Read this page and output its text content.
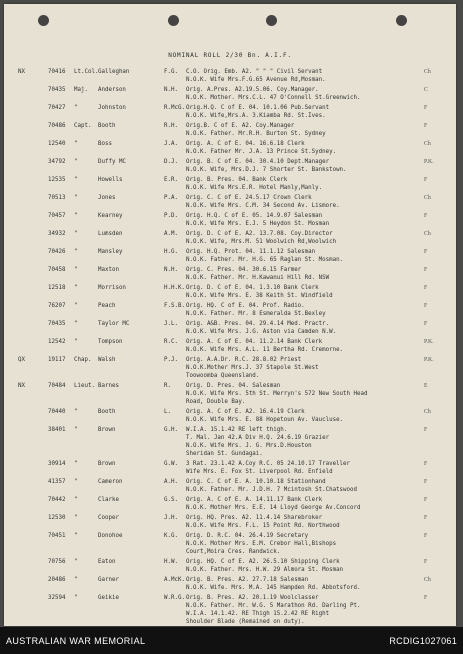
NOMINAL ROLL 2/30 Bn. A.I.F.
NX	70416 Lt.Col. Galleghan	F.G.	Ch
C.O. Orig. Emb. A2. " " " Civil Servant
N.O.K. Wife Mrs.F.G.65 Avenue Rd,Mosman.
70435 Maj. Anderson	N.H.	C
Orig. A.Pres. A2.19.5.06. Coy.Manager.
N.O.K. Mother. Mrs.C.L. 47 O'Connell St.Greenwich.
70427 "	Johnston	R.McG.	F
Orig.H.Q. C of E. 04. 10.1.06 Pub.Servant
N.O.K. Wife,Mrs.A. 3.Kiamba Rd. St.Ives.
70486 Capt. Booth	R.H.	F
Orig.B. C of E. A2. Coy.Manager
N.O.K. Father. Mr.R.H. Burton St. Sydney
12540 "	Boss	J.A.	Ch
Orig. A. C of E. 04. 16.6.18 Clerk
N.O.K. Father Mr. J.A. 13 Prince St.Sydney.
34792 "	Duffy MC	D.J.	P.K.
Orig. B. C of E. 04. 30.4.10 Dept.Manager
N.O.K. Wife, Mrs.D.J. 7 Shorter St. Bankstown.
12535 "	Howells	E.R.	F
Orig. B. Pres. 04. Bank Clerk
N.O.K. Wife Mrs.E.R. Hotel Manly,Manly.
70513 "	Jones	P.A.	Ch
Orig. C. C of E. 24.5.17 Crown Clerk
N.O.K. Wife Mrs. C.M. 34 Second Av. Lismore.
70457 "	Kearney	P.D.	F
Orig. H.Q. C of E. 05. 14.9.07 Salesman
N.O.K. Wife Mrs. E.J. 5 Heydon St. Mosman
34932 "	Lumsden	A.M.	Ch
Orig. D. C of E. A2. 13.7.08. Coy.Director
N.O.K. Wife, Mrs.M. 51 Woolwich Rd,Woolwich
70426 "	Mansley	H.G.	F
Orig. H.Q. Prot. 04. 11.1.12 Salesman
N.O.K. Father. Mr. H.G. 65 Raglan St. Mosman.
70458 "	Maxton	N.H.	F
Orig. C. Pres. 04. 30.6.15 Farmer
N.O.K. Father. Mr. H.Kawanui Hill Rd. NSW
12518 "	Morrison	H.H.K.	F
Orig. D. C of E. 04. 1.3.10 Bank Clerk
N.O.K. Wife Mrs. E. 38 Keith St. Windfield
76207 "	Peach	F.S.B.	F
Orig. HQ. C of E. 04. Prof. Radio.
N.O.K. Father. Mr. 8 Esmeralda St.Bexley
70435 "	Taylor MC	J.L.	F
Orig. A&B. Pres. 04. 29.4.14 Med. Practr.
N.O.K. Wife Mrs. J.G. Aston via Camden N.W.
12542 "	Tompson	R.C.	P.K.
Orig. A. C of E. 04. 11.2.14 Bank Clerk
N.O.K. Wife Mrs. A.L. 11 Bertha Rd. Cremorne.
QX	19117 Chap. Walsh	P.J.	P.K.
Orig. A.A.Dr. R.C. 28.8.02 Priest
N.O.K.Mother Mrs.J. 37 Stapole St.West
Toowoomba Queensland.
NX	70484 Lieut. Barnes	R.	E
Orig. D. Pres. 04. Salesman
N.O.K. Wife Mrs. 5th St. Merryn's 572 New South Head
Road, Double Bay.
70440 "	Booth	L.	Ch
Orig. A. C of E. A2. 16.4.19 Clerk
N.O.K. Wife Mrs. E. 88 Hopetoun Av. Vaucluse.
38401 "	Brown	G.H.	F
W.I.A. 15.1.42 RE left thigh.
T. Mal. Jan 42.A Div H.Q. 24.6.19 Grazier
N.O.K. Wife Mrs. J. G. Mrs.D.Houston
Sheridan St. Gundagai.
30914 "	Brown	G.W.	F
3 Rat. 23.1.42 A.Coy R.C. 05 24.10.17 Traveller
Wife Mrs. E. Fox St. Liverpool Rd. Enfield
41357 "	Cameron	A.H.	F
Orig. C. C of E. A. 10.10.18 Stationhand
N.O.K. Father. Mr. J.D.H. 7 Mcintosh St.Chatswood
70442 "	Clarke	G.S.	F
Orig. A. C of E. A. 14.11.17 Bank Clerk
N.O.K. Mother Mrs. E.E. 14 Lloyd George Av.Concord
12530 "	Cooper	J.H.	F
Orig. HQ. Pres. A2. 11.4.14 Sharebroker
N.O.K. Wife Mrs. F.L. 15 Point Rd. Northwood
70451 "	Donohoe	K.G.	F
Orig. D. R.C. 04. 26.4.19 Secretary
N.O.K. Mother Mrs. E.M. Crebor Hall,Bishops
Court,Moira Cres. Randwick.
70756 "	Eaton	H.W.	F
Orig. HQ. C of E. A2. 26.5.10 Shipping Clerk
N.O.K. Father. Mrs. H.W. 29 Almora St. Mosman
20486 "	Garner	A.McK.	Ch
Orig. B. Pres. A2. 27.7.18 Salesman
N.O.K. Wife. Mrs. M.A. 145 Hampden Rd. Abbotsford.
32594 "	Geikie	W.R.G.	F
Orig. B. Pres. A2. 20.1.19 Woolclasser
N.O.K. Father. Mr. W.G. 5 Marathon Rd. Darling Pt.
W.I.A. 14.1.42. RE Thigh 15.2.42 RE Right
Shoulder Blade (Remained on duty).
AUSTRALIAN WAR MEMORIAL	RCDIG1027061
